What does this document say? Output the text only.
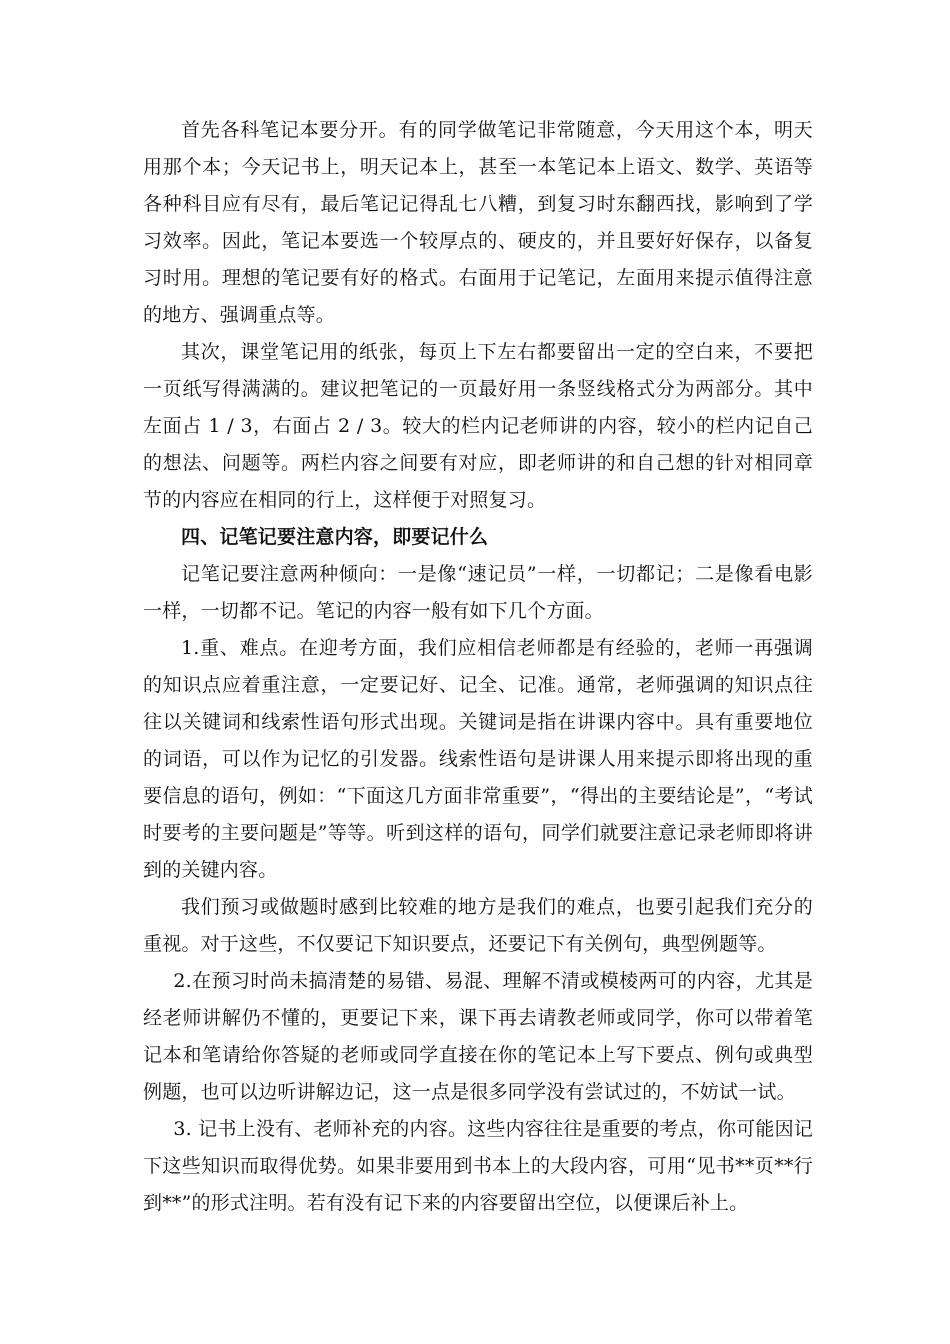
首先各科笔记本要分开。有的同学做笔记非常随意，今天用这个本，明天用那个本；今天记书上，明天记本上，甚至一本笔记本上语文、数学、英语等各种科目应有尽有，最后笔记记得乱七八糟，到复习时东翻西找，影响到了学习效率。因此，笔记本要选一个较厚点的、硬皮的，并且要好好保存，以备复习时用。理想的笔记要有好的格式。右面用于记笔记，左面用来提示值得注意的地方、强调重点等。

其次，课堂笔记用的纸张，每页上下左右都要留出一定的空白来，不要把一页纸写得满满的。建议把笔记的一页最好用一条竖线格式分为两部分。其中左面占 1 / 3，右面占 2 / 3。较大的栏内记老师讲的内容，较小的栏内记自己的想法、问题等。两栏内容之间要有对应，即老师讲的和自己想的针对相同章节的内容应在相同的行上，这样便于对照复习。

四、记笔记要注意内容，即要记什么

记笔记要注意两种倾向：一是像“速记员”一样，一切都记；二是像看电影一样，一切都不记。笔记的内容一般有如下几个方面。

1.重、难点。在迎考方面，我们应相信老师都是有经验的，老师一再强调的知识点应着重注意，一定要记好、记全、记准。通常，老师强调的知识点往往以关键词和线索性语句形式出现。关键词是指在讲课内容中。具有重要地位的词语，可以作为记忆的引发器。线索性语句是讲课人用来提示即将出现的重要信息的语句，例如：“下面这几方面非常重要”，“得出的主要结论是”，“考试时要考的主要问题是”等等。听到这样的语句，同学们就要注意记录老师即将讲到的关键内容。

我们预习或做题时感到比较难的地方是我们的难点，也要引起我们充分的重视。对于这些，不仅要记下知识要点，还要记下有关例句，典型例题等。

2.在预习时尚未搞清楚的易错、易混、理解不清或模棱两可的内容，尤其是经老师讲解仍不懂的，更要记下来，课下再去请教老师或同学，你可以带着笔记本和笔请给你答疑的老师或同学直接在你的笔记本上写下要点、例句或典型例题，也可以边听讲解边记，这一点是很多同学没有尝试过的，不妨试一试。

3. 记书上没有、老师补充的内容。这些内容往往是重要的考点，你可能因记下这些知识而取得优势。如果非要用到书本上的大段内容，可用“见书**页**行到**”的形式注明。若有没有记下来的内容要留出空位，以便课后补上。
